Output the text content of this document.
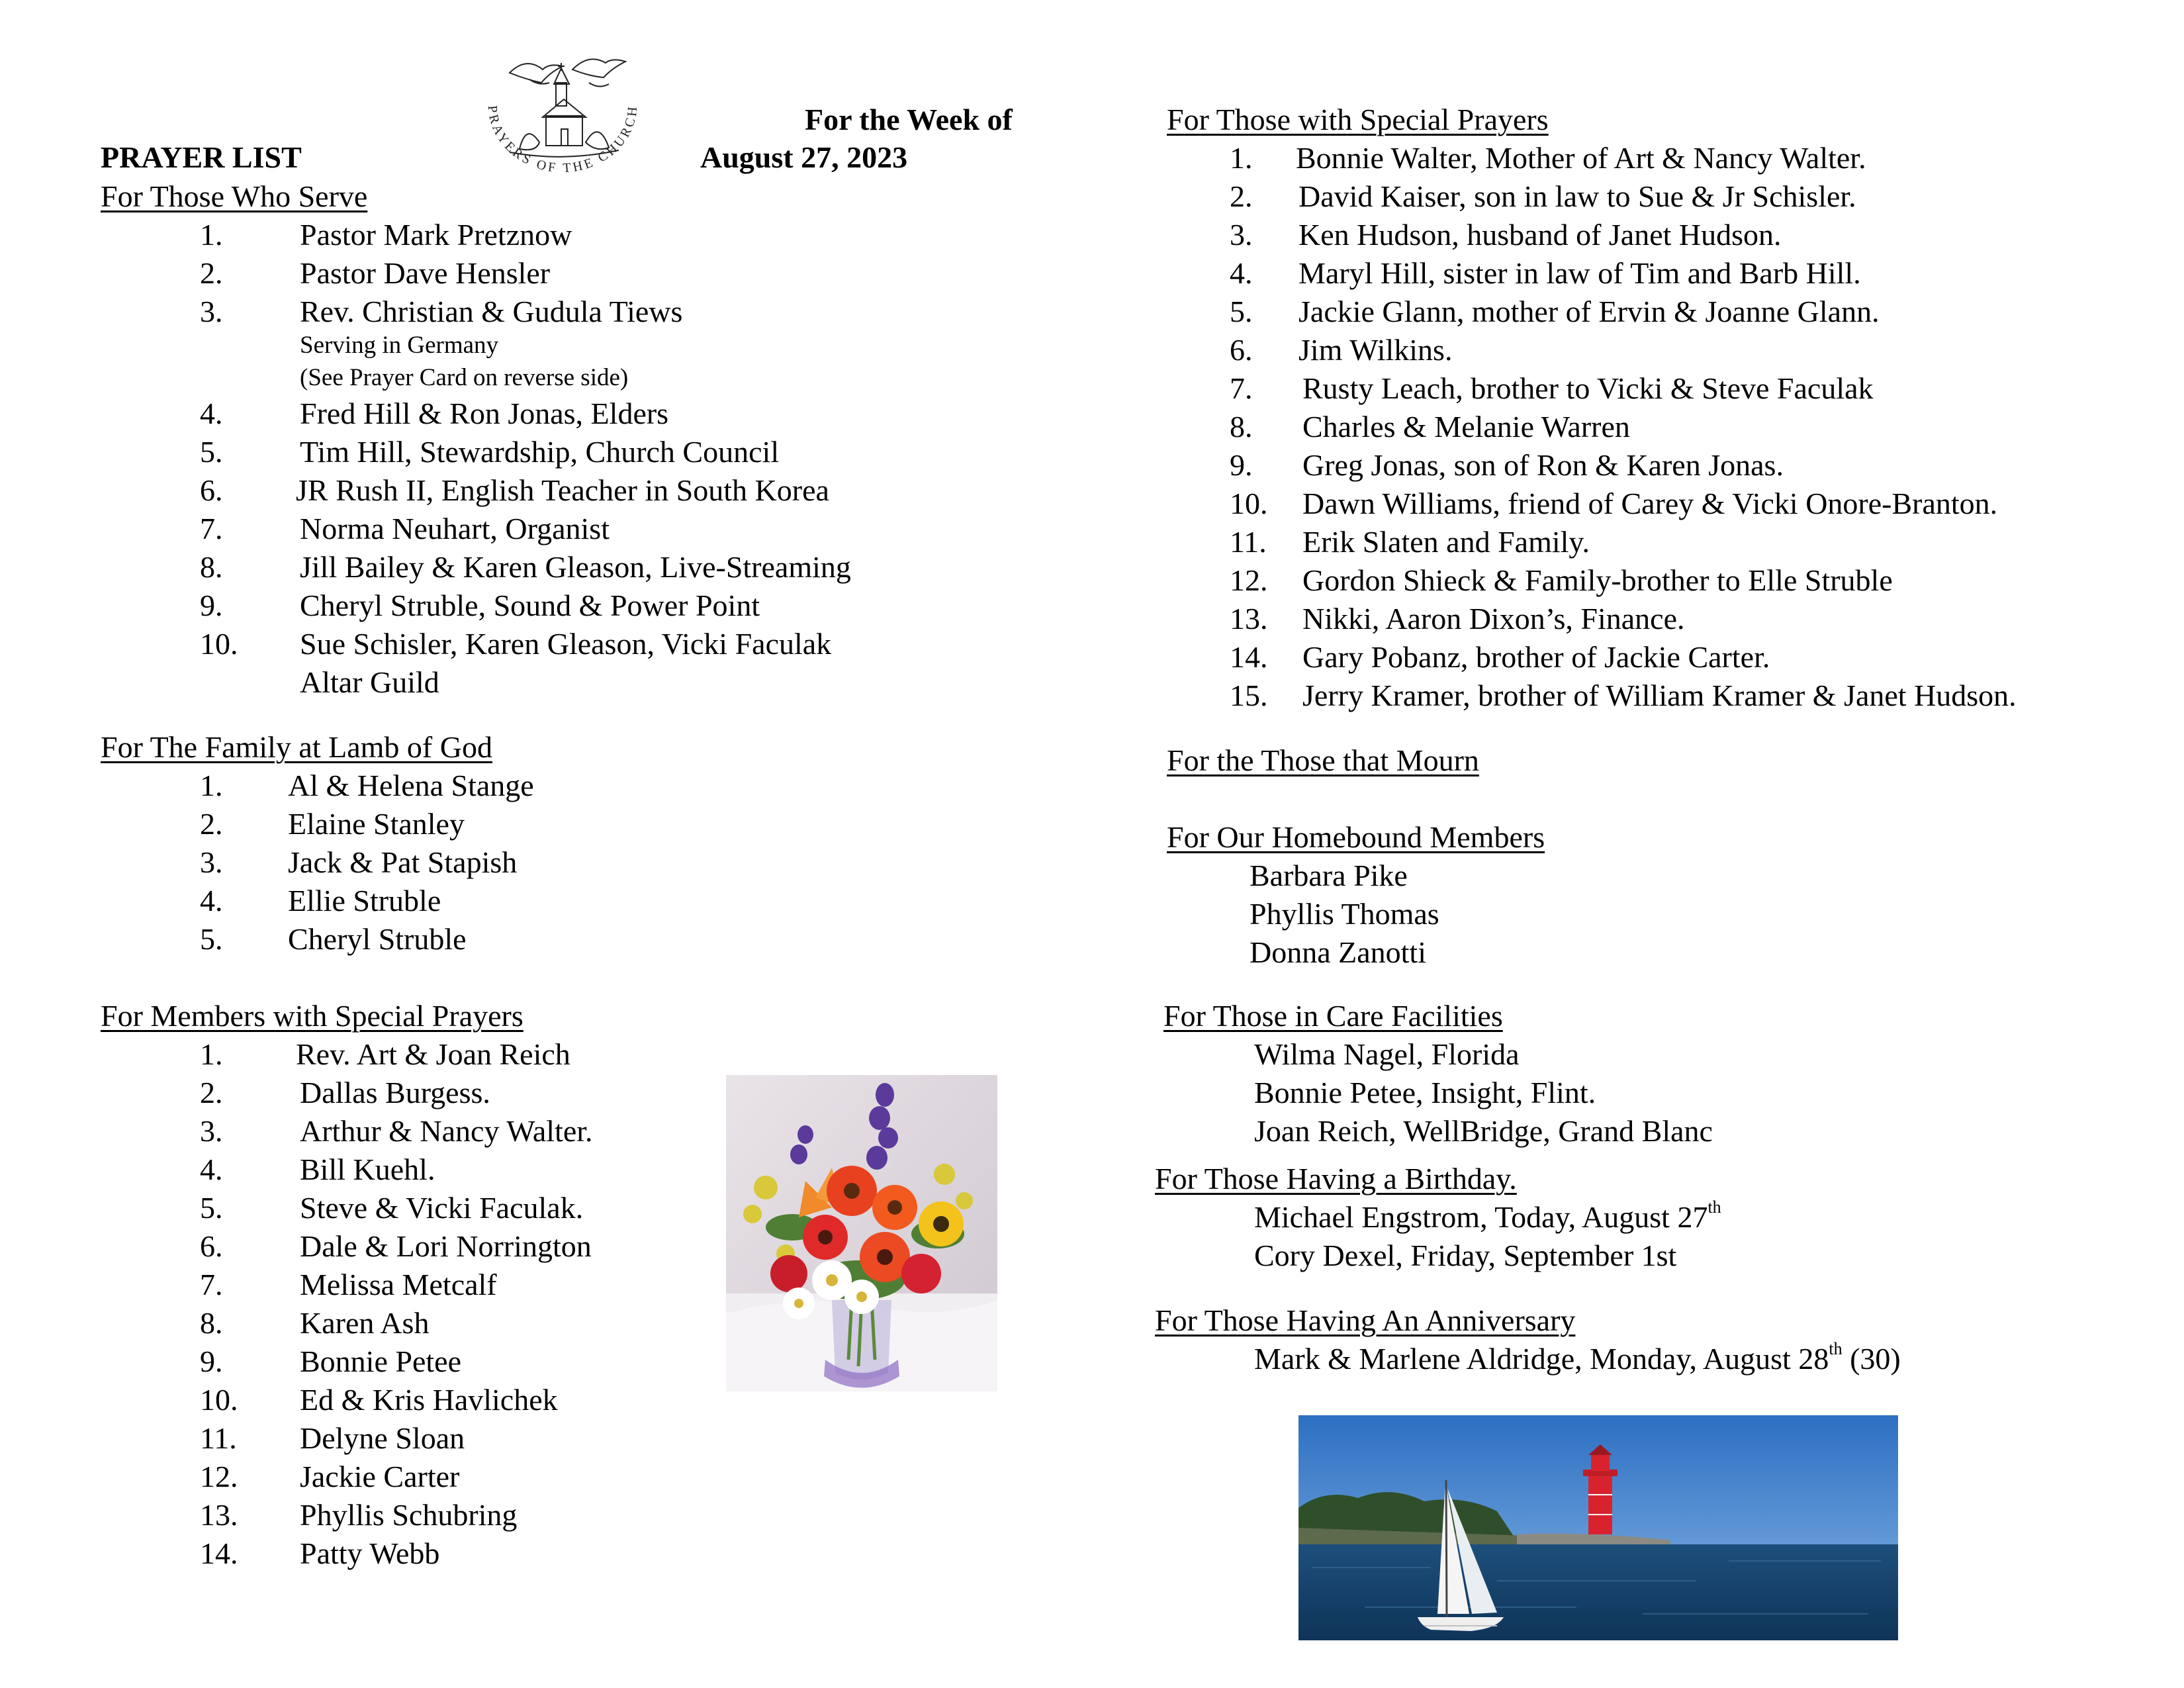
PRAYERS OF THE CHURCH	For the Week of
PRAYER LIST	August 27, 2023
For Those Who Serve
1.	Pastor Mark Pretznow
2.	Pastor Dave Hensler
3.	Rev. Christian & Gudula Tiews
Serving in Germany
(See Prayer Card on reverse side)
4.	Fred Hill & Ron Jonas, Elders
5.	Tim Hill, Stewardship, Church Council
6. JR Rush II, English Teacher in South Korea
7.	Norma Neuhart, Organist
8.	Jill Bailey & Karen Gleason, Live-Streaming
9.	Cheryl Struble, Sound & Power Point
10. Sue Schisler, Karen Gleason, Vicki Faculak
Altar Guild
For The Family at Lamb of God
1. Al & Helena Stange
2. Elaine Stanley
3. Jack & Pat Stapish
4. Ellie Struble
5. Cheryl Struble
For Members with Special Prayers
1. Rev. Art & Joan Reich
2.	Dallas Burgess.
3.	Arthur & Nancy Walter.
4.	Bill Kuehl.
5.	Steve & Vicki Faculak.
6.	Dale & Lori Norrington
7.	Melissa Metcalf
8.	Karen Ash
9.	Bonnie Petee
10. Ed & Kris Havlichek
11. Delyne Sloan
12. Jackie Carter
13. Phyllis Schubring
14. Patty Webb
For Those with Special Prayers
1. Bonnie Walter, Mother of Art & Nancy Walter.
2. David Kaiser, son in law to Sue & Jr Schisler.
3. Ken Hudson, husband of Janet Hudson.
4. Maryl Hill, sister in law of Tim and Barb Hill.
5. Jackie Glann, mother of Ervin & Joanne Glann.
6. Jim Wilkins.
7. Rusty Leach, brother to Vicki & Steve Faculak
8. Charles & Melanie Warren
9. Greg Jonas, son of Ron & Karen Jonas.
10. Dawn Williams, friend of Carey & Vicki Onore-Branton.
11. Erik Slaten and Family.
12. Gordon Shieck & Family-brother to Elle Struble
13. Nikki, Aaron Dixon’s, Finance.
14. Gary Pobanz, brother of Jackie Carter.
15. Jerry Kramer, brother of William Kramer & Janet Hudson.
For the Those that Mourn
For Our Homebound Members
Barbara Pike
Phyllis Thomas
Donna Zanotti
For Those in Care Facilities
Wilma Nagel, Florida
Bonnie Petee, Insight, Flint.
Joan Reich, WellBridge, Grand Blanc
For Those Having a Birthday.
Michael Engstrom, Today, August 27th
Cory Dexel, Friday, September 1st
For Those Having An Anniversary
Mark & Marlene Aldridge, Monday, August 28th (30)
